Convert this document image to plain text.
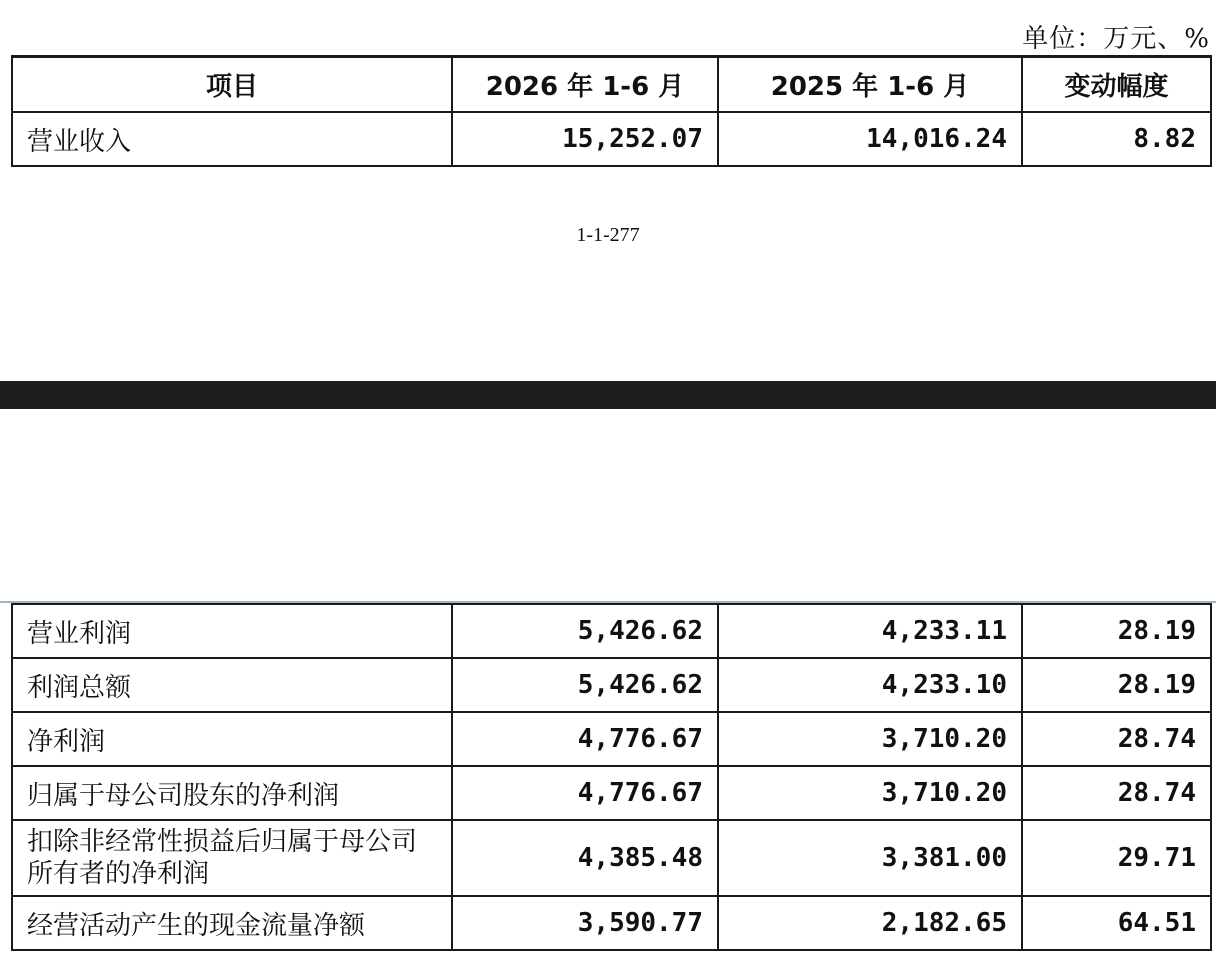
单位：万元、%
项目	2026 年 1-6 月	2025 年 1-6 月	变动幅度
营业收入	15,252.07	14,016.24	8.82
1-1-277
营业利润	5,426.62	4,233.11	28.19
利润总额	5,426.62	4,233.10	28.19
净利润	4,776.67	3,710.20	28.74
归属于母公司股东的净利润	4,776.67	3,710.20	28.74
扣除非经常性损益后归属于母公司所有者的净利润	4,385.48	3,381.00	29.71
经营活动产生的现金流量净额	3,590.77	2,182.65	64.51
